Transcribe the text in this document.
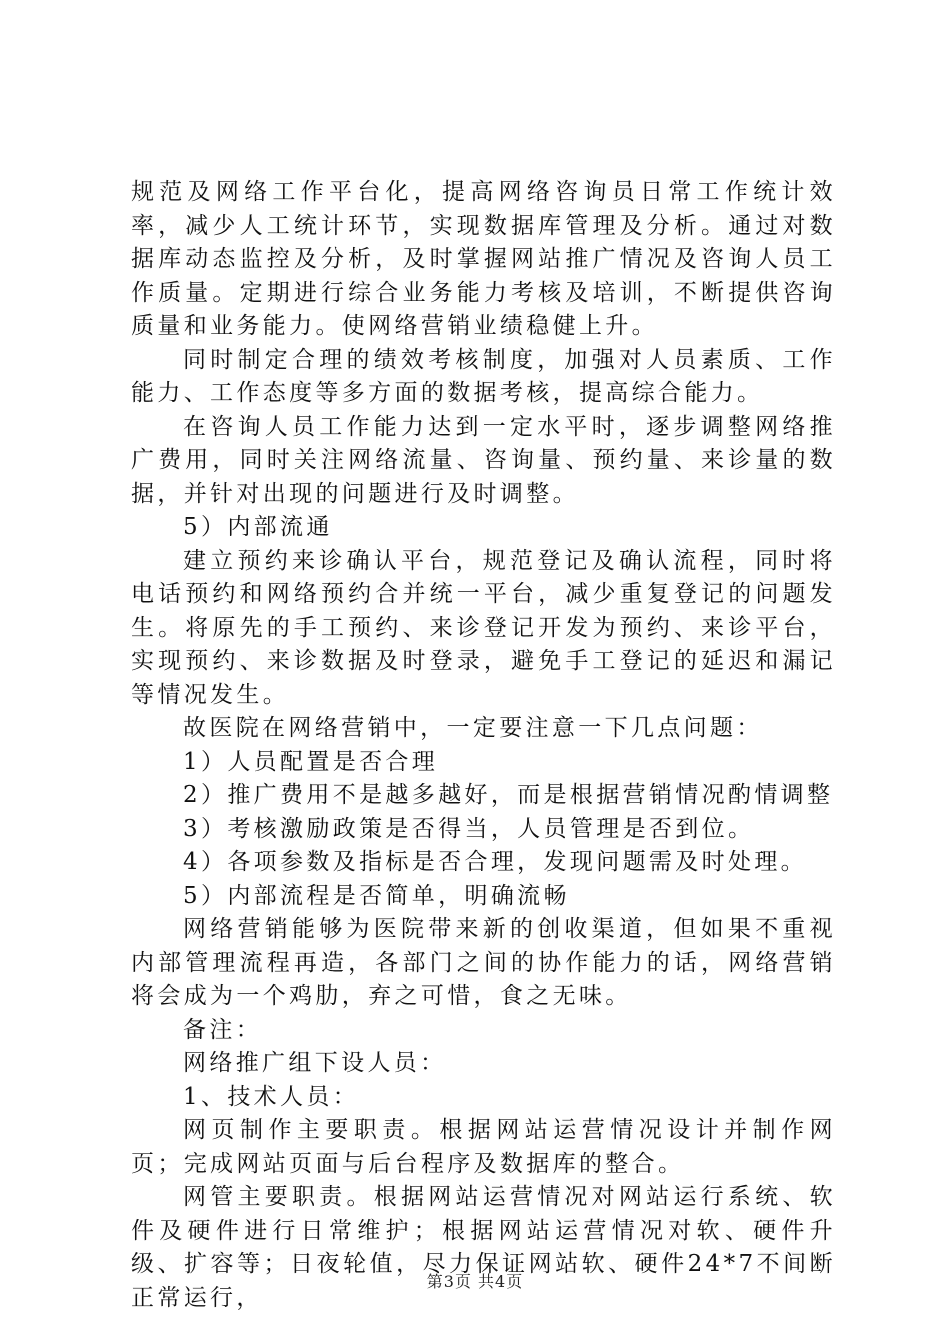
规范及网络工作平台化，提高网络咨询员日常工作统计效率，减少人工统计环节，实现数据库管理及分析。通过对数据库动态监控及分析，及时掌握网站推广情况及咨询人员工作质量。定期进行综合业务能力考核及培训，不断提供咨询质量和业务能力。使网络营销业绩稳健上升。

同时制定合理的绩效考核制度，加强对人员素质、工作能力、工作态度等多方面的数据考核，提高综合能力。

在咨询人员工作能力达到一定水平时，逐步调整网络推广费用，同时关注网络流量、咨询量、预约量、来诊量的数据，并针对出现的问题进行及时调整。

5）内部流通

建立预约来诊确认平台，规范登记及确认流程，同时将电话预约和网络预约合并统一平台，减少重复登记的问题发生。将原先的手工预约、来诊登记开发为预约、来诊平台，实现预约、来诊数据及时登录，避免手工登记的延迟和漏记等情况发生。

故医院在网络营销中，一定要注意一下几点问题：

1）人员配置是否合理

2）推广费用不是越多越好，而是根据营销情况酌情调整

3）考核激励政策是否得当，人员管理是否到位。

4）各项参数及指标是否合理，发现问题需及时处理。

5）内部流程是否简单，明确流畅

网络营销能够为医院带来新的创收渠道，但如果不重视内部管理流程再造，各部门之间的协作能力的话，网络营销将会成为一个鸡肋，弃之可惜，食之无味。

备注：

网络推广组下设人员：

1、技术人员：

网页制作主要职责。根据网站运营情况设计并制作网页；完成网站页面与后台程序及数据库的整合。

网管主要职责。根据网站运营情况对网站运行系统、软件及硬件进行日常维护；根据网站运营情况对软、硬件升级、扩容等；日夜轮值，尽力保证网站软、硬件24*7不间断正常运行，

第3页 共4页
